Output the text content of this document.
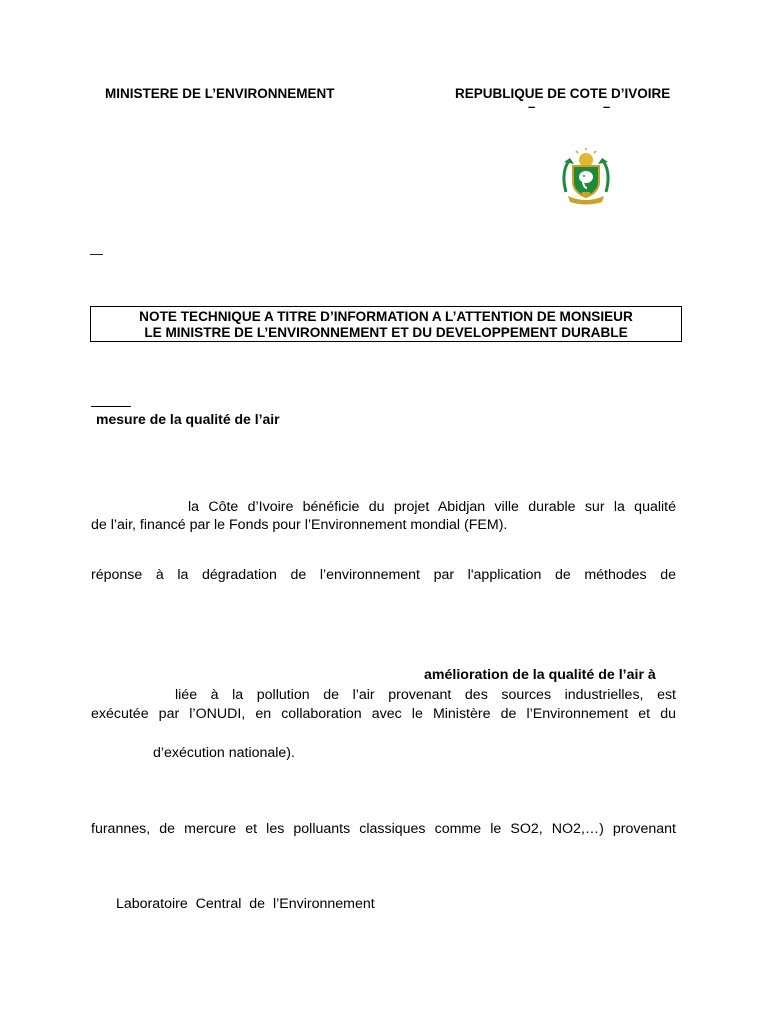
MINISTERE DE L’ENVIRONNEMENT	REPUBLIQUE DE COTE D’IVOIRE
–	–
—
NOTE TECHNIQUE A TITRE D’INFORMATION A L’ATTENTION DE MONSIEUR
LE MINISTRE DE L’ENVIRONNEMENT ET DU DEVELOPPEMENT DURABLE
mesure de la qualité de l’air
la Côte d’Ivoire bénéficie du projet Abidjan ville durable sur la qualité
de l’air, financé par le Fonds pour l’Environnement mondial (FEM).
réponse à la dégradation de l’environnement par l'application de méthodes de
amélioration de la qualité de l’air à
liée à la pollution de l’air provenant des sources industrielles, est
exécutée par l’ONUDI, en collaboration avec le Ministère de l’Environnement et du
d’exécution nationale).
furannes, de mercure et les polluants classiques comme le SO2, NO2,…) provenant
Laboratoire  Central  de  l’Environnement
